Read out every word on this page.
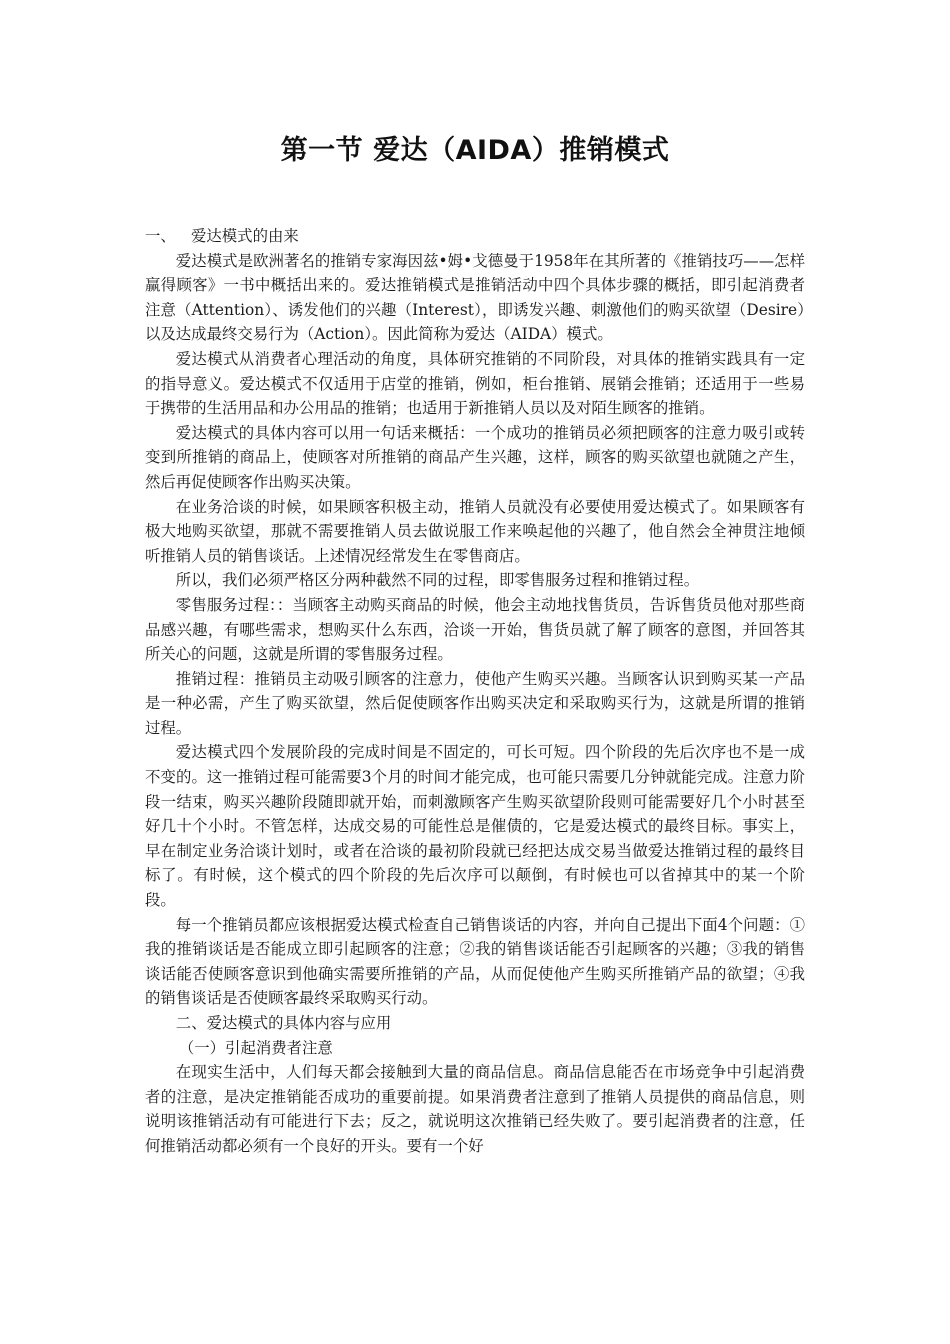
第一节 爱达（AIDA）推销模式

一、 爱达模式的由来

爱达模式是欧洲著名的推销专家海因兹•姆•戈德曼于1958年在其所著的《推销技巧——怎样赢得顾客》一书中概括出来的。爱达推销模式是推销活动中四个具体步骤的概括，即引起消费者注意（Attention）、诱发他们的兴趣（Interest），即诱发兴趣、刺激他们的购买欲望（Desire）以及达成最终交易行为（Action）。因此简称为爱达（AIDA）模式。

爱达模式从消费者心理活动的角度，具体研究推销的不同阶段，对具体的推销实践具有一定的指导意义。爱达模式不仅适用于店堂的推销，例如，柜台推销、展销会推销；还适用于一些易于携带的生活用品和办公用品的推销；也适用于新推销人员以及对陌生顾客的推销。

爱达模式的具体内容可以用一句话来概括：一个成功的推销员必须把顾客的注意力吸引或转变到所推销的商品上，使顾客对所推销的商品产生兴趣，这样，顾客的购买欲望也就随之产生，然后再促使顾客作出购买决策。

在业务洽谈的时候，如果顾客积极主动，推销人员就没有必要使用爱达模式了。如果顾客有极大地购买欲望，那就不需要推销人员去做说服工作来唤起他的兴趣了，他自然会全神贯注地倾听推销人员的销售谈话。上述情况经常发生在零售商店。

所以，我们必须严格区分两种截然不同的过程，即零售服务过程和推销过程。

零售服务过程：：当顾客主动购买商品的时候，他会主动地找售货员，告诉售货员他对那些商品感兴趣，有哪些需求，想购买什么东西，洽谈一开始，售货员就了解了顾客的意图，并回答其所关心的问题，这就是所谓的零售服务过程。

推销过程：推销员主动吸引顾客的注意力，使他产生购买兴趣。当顾客认识到购买某一产品是一种必需，产生了购买欲望，然后促使顾客作出购买决定和采取购买行为，这就是所谓的推销过程。

爱达模式四个发展阶段的完成时间是不固定的，可长可短。四个阶段的先后次序也不是一成不变的。这一推销过程可能需要3个月的时间才能完成，也可能只需要几分钟就能完成。注意力阶段一结束，购买兴趣阶段随即就开始，而刺激顾客产生购买欲望阶段则可能需要好几个小时甚至好几十个小时。不管怎样，达成交易的可能性总是催债的，它是爱达模式的最终目标。事实上，早在制定业务洽谈计划时，或者在洽谈的最初阶段就已经把达成交易当做爱达推销过程的最终目标了。有时候，这个模式的四个阶段的先后次序可以颠倒，有时候也可以省掉其中的某一个阶段。

每一个推销员都应该根据爱达模式检查自己销售谈话的内容，并向自己提出下面4个问题：①我的推销谈话是否能成立即引起顾客的注意；②我的销售谈话能否引起顾客的兴趣；③我的销售谈话能否使顾客意识到他确实需要所推销的产品，从而促使他产生购买所推销产品的欲望；④我的销售谈话是否使顾客最终采取购买行动。

二、爱达模式的具体内容与应用

（一）引起消费者注意

在现实生活中，人们每天都会接触到大量的商品信息。商品信息能否在市场竞争中引起消费者的注意，是决定推销能否成功的重要前提。如果消费者注意到了推销人员提供的商品信息，则说明该推销活动有可能进行下去；反之，就说明这次推销已经失败了。要引起消费者的注意，任何推销活动都必须有一个良好的开头。要有一个好
